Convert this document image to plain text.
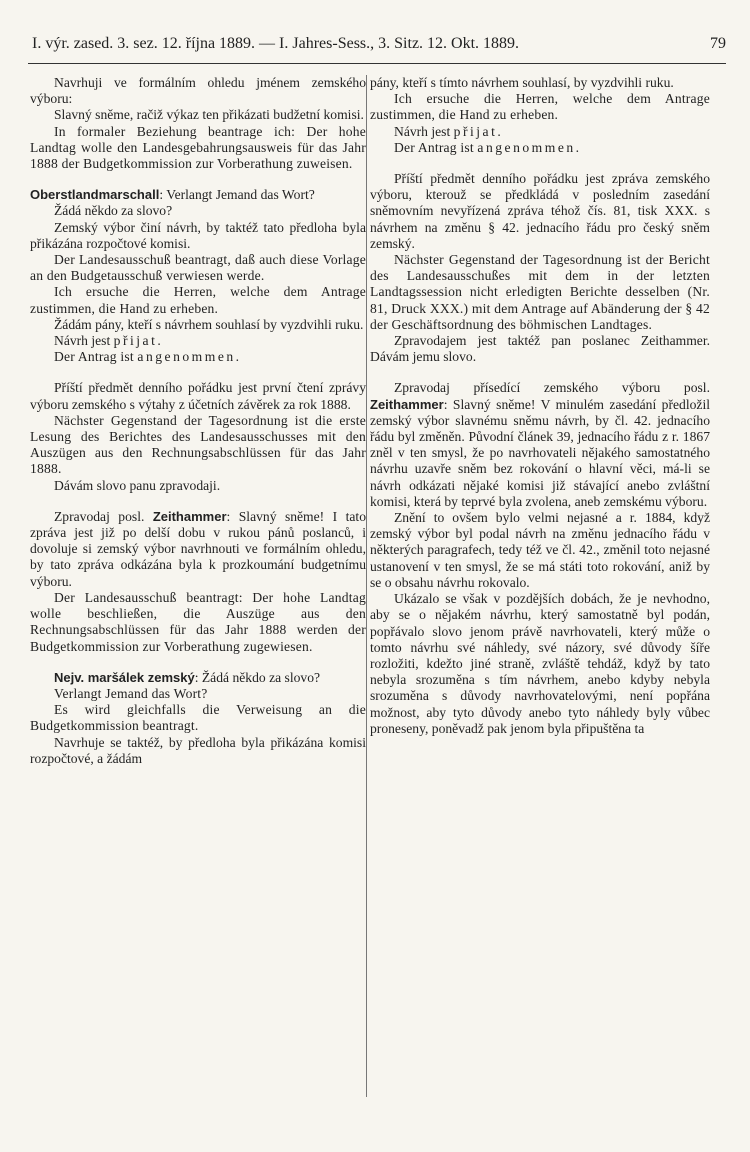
I. výr. zased. 3. sez. 12. října 1889. — I. Jahres-Sess., 3. Sitz. 12. Okt. 1889.	79

Navrhuji ve formálním ohledu jménem zemského výboru:

Slavný sněme, račiž výkaz ten přikázati budžetní komisi.

In formaler Beziehung beantrage ich: Der hohe Landtag wolle den Landesgebahrungsausweis für das Jahr 1888 der Budgetkommission zur Vorberathung zuweisen.

Oberstlandmarschall: Verlangt Jemand das Wort?

Žádá někdo za slovo?

Zemský výbor činí návrh, by taktéž tato předloha byla přikázána rozpočtové komisi.

Der Landesausschuß beantragt, daß auch diese Vorlage an den Budgetausschuß verwiesen werde.

Ich ersuche die Herren, welche dem Antrage zustimmen, die Hand zu erheben.

Žádám pány, kteří s návrhem souhlasí by vyzdvihli ruku.

Návrh jest přijat.

Der Antrag ist angenommen.

Příští předmět denního pořádku jest první čtení zprávy výboru zemského s výtahy z účetních závěrek za rok 1888.

Nächster Gegenstand der Tagesordnung ist die erste Lesung des Berichtes des Landesausschusses mit den Auszügen aus den Rechnungsabschlüssen für das Jahr 1888.

Dávám slovo panu zpravodaji.

Zpravodaj posl. Zeithammer: Slavný sněme! I tato zpráva jest již po delší dobu v rukou pánů poslanců, i dovoluje si zemský výbor navrhnouti ve formálním ohledu, by tato zpráva odkázána byla k prozkoumání budgetnímu výboru.

Der Landesausschuß beantragt: Der hohe Landtag wolle beschließen, die Auszüge aus den Rechnungsabschlüssen für das Jahr 1888 werden der Budgetkommission zur Vorberathung zugewiesen.

Nejv. maršálek zemský: Žádá někdo za slovo?

Verlangt Jemand das Wort?

Es wird gleichfalls die Verweisung an die Budgetkommission beantragt.

Navrhuje se taktéž, by předloha byla přikázána komisi rozpočtové, a žádám

pány, kteří s tímto návrhem souhlasí, by vyzdvihli ruku.

Ich ersuche die Herren, welche dem Antrage zustimmen, die Hand zu erheben.

Návrh jest přijat.

Der Antrag ist angenommen.

Příští předmět denního pořádku jest zpráva zemského výboru, kterouž se předkládá v posledním zasedání sněmovním nevyřízená zpráva téhož čís. 81, tisk XXX. s návrhem na změnu § 42. jednacího řádu pro český sněm zemský.

Nächster Gegenstand der Tagesordnung ist der Bericht des Landesausschußes mit dem in der letzten Landtagssession nicht erledigten Berichte desselben (Nr. 81, Druck XXX.) mit dem Antrage auf Abänderung der § 42 der Geschäftsordnung des böhmischen Landtages.

Zpravodajem jest taktéž pan poslanec Zeithammer. Dávám jemu slovo.

Zpravodaj přísedící zemského výboru posl. Zeithammer: Slavný sněme! V minulém zasedání předložil zemský výbor slavnému sněmu návrh, by čl. 42. jednacího řádu byl změněn. Původní článek 39, jednacího řádu z r. 1867 zněl v ten smysl, že po navrhovateli nějakého samostatného návrhu uzavře sněm bez rokování o hlavní věci, má-li se návrh odkázati nějaké komisi již stávající anebo zvláštní komisi, která by teprvé byla zvolena, aneb zemskému výboru.

Znění to ovšem bylo velmi nejasné a r. 1884, když zemský výbor byl podal návrh na změnu jednacího řádu v některých paragrafech, tedy též ve čl. 42., změnil toto nejasné ustanovení v ten smysl, že se má státi toto rokování, aniž by se o obsahu návrhu rokovalo.

Ukázalo se však v pozdějších dobách, že je nevhodno, aby se o nějakém návrhu, který samostatně byl podán, popřávalo slovo jenom právě navrhovateli, který může o tomto návrhu své náhledy, své názory, své důvody šíře rozložiti, kdežto jiné straně, zvláště tehdáž, když by tato nebyla srozuměna s tím návrhem, anebo kdyby nebyla srozuměna s důvody navrhovatelovými, není popřána možnost, aby tyto důvody anebo tyto náhledy byly vůbec proneseny, poněvadž pak jenom byla připuštěna ta
